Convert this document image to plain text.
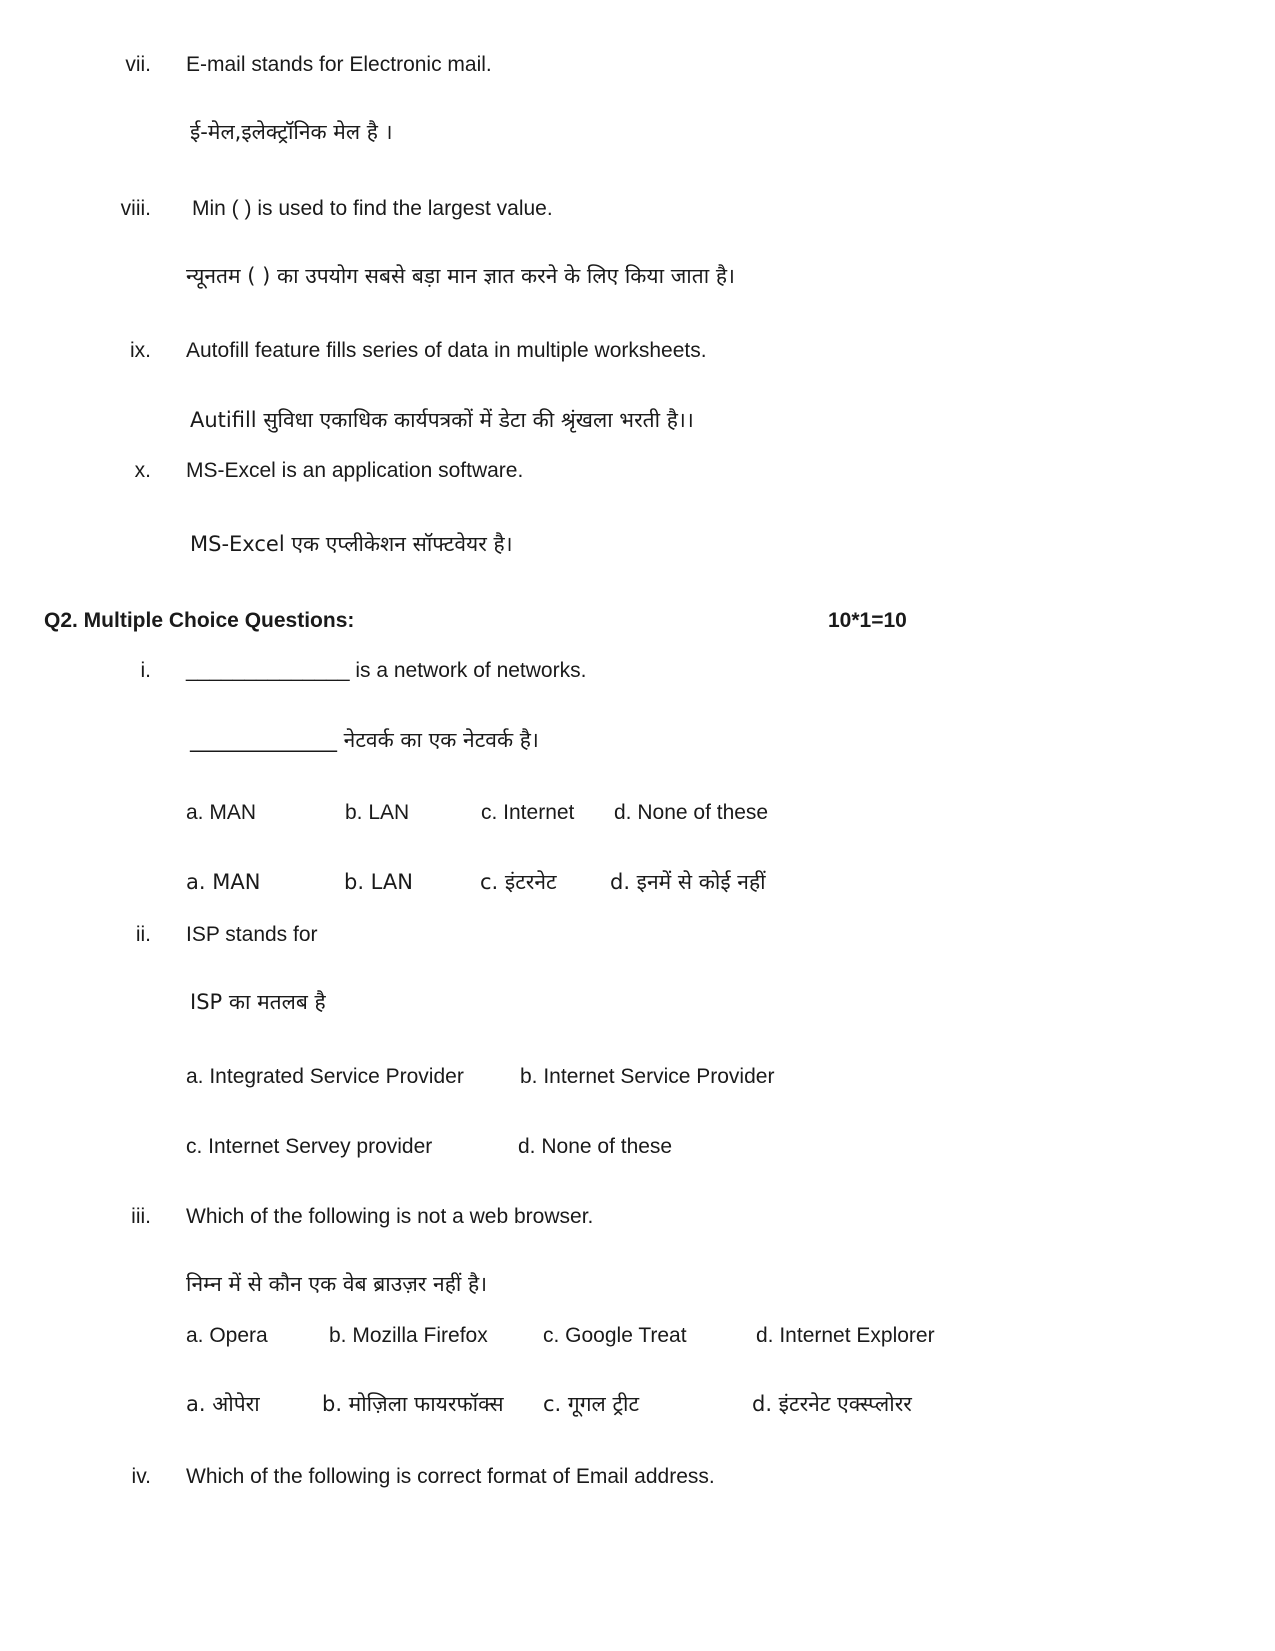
vii. E-mail stands for Electronic mail.
ई-मेल,इलेक्ट्रॉनिक मेल है ।
viii. Min ( ) is used to find the largest value.
न्यूनतम ( ) का उपयोग सबसे बड़ा मान ज्ञात करने के लिए किया जाता है।
ix. Autofill feature fills series of data in multiple worksheets.
Autifill सुविधा एकाधिक कार्यपत्रकों में डेटा की श्रृंखला भरती है।।
x. MS-Excel is an application software.
MS-Excel एक एप्लीकेशन सॉफ्टवेयर है।
Q2. Multiple Choice Questions:	10*1=10
i. ______________ is a network of networks.
______________ नेटवर्क का एक नेटवर्क है।
a. MAN	b. LAN	c. Internet d. None of these
a. MAN	b. LAN	c. इंटरनेट	d. इनमें से कोई नहीं
ii. ISP stands for
ISP का मतलब है
a. Integrated Service Provider	b. Internet Service Provider
c. Internet Servey provider	d. None of these
iii. Which of the following is not a web browser.
निम्न में से कौन एक वेब ब्राउज़र नहीं है।
a. Opera	b. Mozilla Firefox	c. Google Treat	d. Internet Explorer
a. ओपेरा	b. मोज़िला फायरफॉक्स c. गूगल ट्रीट	d. इंटरनेट एक्स्प्लोरर
iv. Which of the following is correct format of Email address.
